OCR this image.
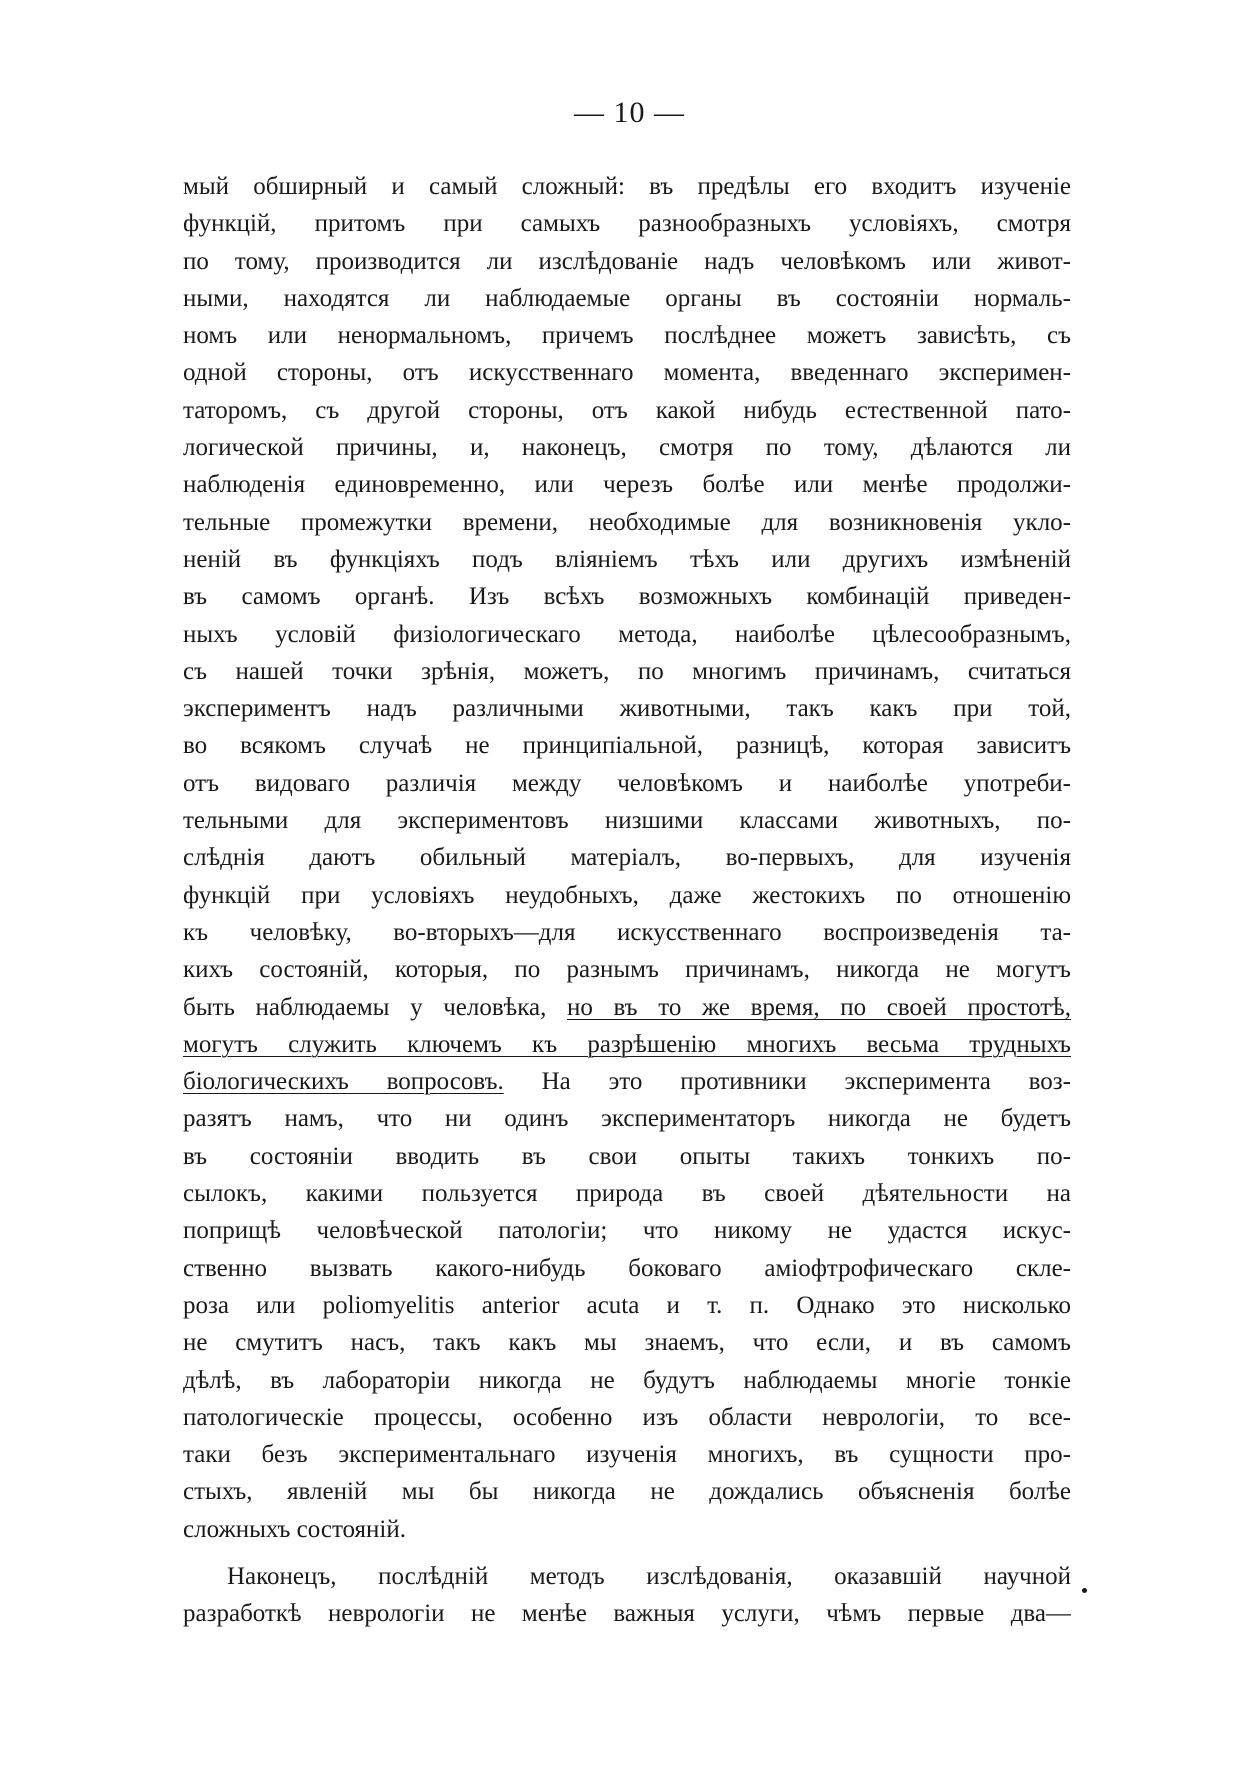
— 10 —
мый обширный и самый сложный: въ предѣлы его входитъ изученіе
функцій, притомъ при самыхъ разнообразныхъ условіяхъ, смотря
по тому, производится ли изслѣдованіе надъ человѣкомъ или живот-
ными, находятся ли наблюдаемые органы въ состояніи нормаль-
номъ или ненормальномъ, причемъ послѣднее можетъ зависѣть, съ
одной стороны, отъ искусственнаго момента, введеннаго эксперимен-
таторомъ, съ другой стороны, отъ какой нибудь естественной пато-
логической причины, и, наконецъ, смотря по тому, дѣлаются ли
наблюденія единовременно, или черезъ болѣе или менѣе продолжи-
тельные промежутки времени, необходимые для возникновенія укло-
неній въ функціяхъ подъ вліяніемъ тѣхъ или другихъ измѣненій
въ самомъ органѣ. Изъ всѣхъ возможныхъ комбинацій приведен-
ныхъ условій физіологическаго метода, наиболѣе цѣлесообразнымъ,
съ нашей точки зрѣнія, можетъ, по многимъ причинамъ, считаться
экспериментъ надъ различными животными, такъ какъ при той,
во всякомъ случаѣ не принципіальной, разницѣ, которая зависитъ
отъ видоваго различія между человѣкомъ и наиболѣе употреби-
тельными для экспериментовъ низшими классами животныхъ, по-
слѣднія даютъ обильный матеріалъ, во-первыхъ, для изученія
функцій при условіяхъ неудобныхъ, даже жестокихъ по отношенію
къ человѣку, во-вторыхъ—для искусственнаго воспроизведенія та-
кихъ состояній, которыя, по разнымъ причинамъ, никогда не могутъ
быть наблюдаемы у человѣка, но въ то же время, по своей простотѣ,
могутъ служить ключемъ къ разрѣшенію многихъ весьма трудныхъ
біологическихъ вопросовъ. На это противники эксперимента воз-
разятъ намъ, что ни одинъ экспериментаторъ никогда не будетъ
въ состояніи вводить въ свои опыты такихъ тонкихъ по-
сылокъ, какими пользуется природа въ своей дѣятельности на
поприщѣ человѣческой патологіи; что никому не удастся искус-
ственно вызвать какого-нибудь боковаго аміофтрофическаго скле-
роза или poliomyelitis anterior acuta и т. п. Однако это нисколько
не смутитъ насъ, такъ какъ мы знаемъ, что если, и въ самомъ
дѣлѣ, въ лабораторіи никогда не будутъ наблюдаемы многіе тонкіе
патологическіе процессы, особенно изъ области неврологіи, то все-
таки безъ экспериментальнаго изученія многихъ, въ сущности про-
стыхъ, явленій мы бы никогда не дождались объясненія болѣе
сложныхъ состояній.
Наконецъ, послѣдній методъ изслѣдованія, оказавшій научной
разработкѣ неврологіи не менѣе важныя услуги, чѣмъ первые два—
